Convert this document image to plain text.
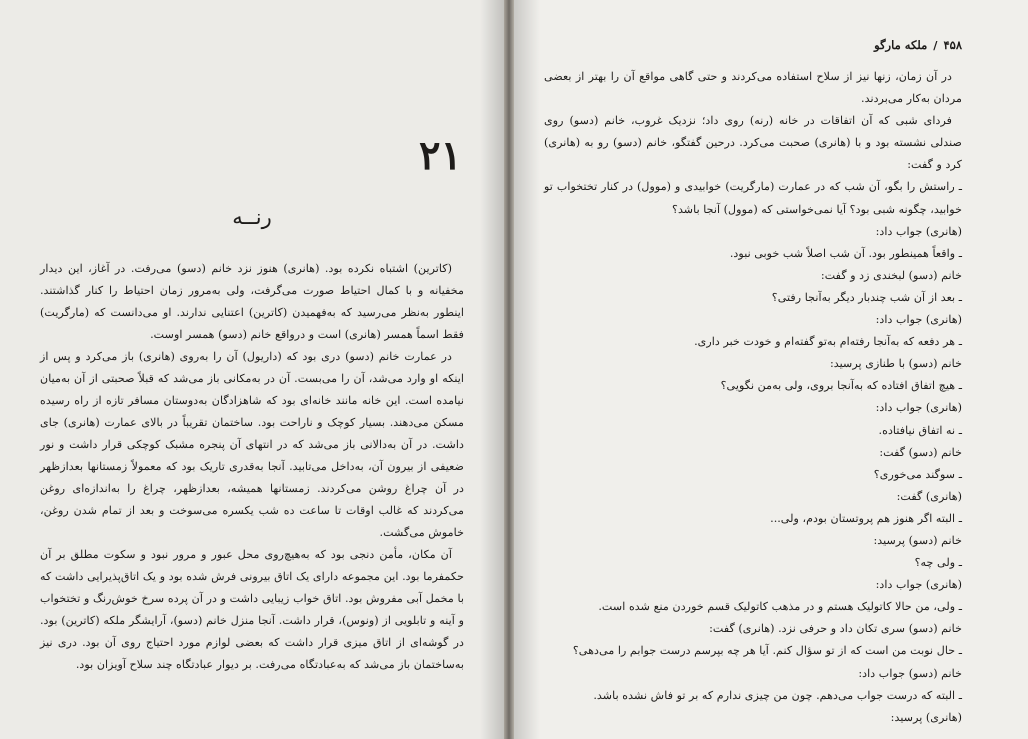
۲۱
رنــه

(کاترین) اشتباه نکرده بود. (هانری) هنوز نزد خانم (دسو) می‌رفت. در آغاز، این دیدار مخفیانه و با کمال احتیاط صورت می‌گرفت، ولی به‌مرور زمان احتیاط را کنار گذاشتند. اینطور به‌نظر می‌رسید که به‌فهمیدن (کاترین) اعتنایی ندارند. او می‌دانست که (مارگریت) فقط اسماً همسر (هانری) است و درواقع خانم (دسو) همسر اوست.

در عمارت خانم (دسو) دری بود که (داریول) آن را به‌روی (هانری) باز می‌کرد و پس از اینکه او وارد می‌شد، آن را می‌بست. آن در به‌مکانی باز می‌شد که قبلاً صحبتی از آن به‌میان نیامده است. این خانه مانند خانه‌ای بود که شاهزادگان به‌دوستان مسافر تازه از راه رسیده مسکن می‌دهند. بسیار کوچک و ناراحت بود. ساختمان تقریباً در بالای عمارت (هانری) جای داشت. در آن به‌دالانی باز می‌شد که در انتهای آن پنجره مشبک کوچکی قرار داشت و نور ضعیفی از بیرون آن، به‌داخل می‌تابید. آنجا به‌قدری تاریک بود که معمولاً زمستانها بعدازظهر در آن چراغ روشن می‌کردند. زمستانها همیشه، بعدازظهر، چراغ را به‌اندازه‌ای روغن می‌کردند که غالب اوقات تا ساعت ده شب یکسره می‌سوخت و بعد از تمام شدن روغن، خاموش می‌گشت.

آن مکان، مأمن دنجی بود که به‌هیچ‌روی محل عبور و مرور نبود و سکوت مطلق بر آن حکمفرما بود. این مجموعه دارای یک اتاق بیرونی فرش شده بود و یک اتاق‌پذیرایی داشت که با مخمل آبی مفروش بود. اتاق خواب زیبایی داشت و در آن پرده سرخ خوش‌رنگ و تختخواب و آینه و تابلویی از (ونوس)، قرار داشت. آنجا منزل خانم (دسو)، آرایشگر ملکه (کاترین) بود. در گوشه‌ای از اتاق میزی قرار داشت که بعضی لوازم مورد احتیاج روی آن بود. دری نیز به‌ساختمان باز می‌شد که به‌عبادتگاه می‌رفت. بر دیوار عبادتگاه چند سلاح آویزان بود.

۴۵۸/ملکه مارگو

در آن زمان، زنها نیز از سلاح استفاده می‌کردند و حتی گاهی مواقع آن را بهتر از بعضی مردان به‌کار می‌بردند.

فردای شبی که آن اتفاقات در خانه (رنه) روی داد؛ نزدیک غروب، خانم (دسو) روی صندلی نشسته بود و با (هانری) صحبت می‌کرد. درحین گفتگو، خانم (دسو) رو به (هانری) کرد و گفت:

ـ راستش را بگو، آن شب که در عمارت (مارگریت) خوابیدی و (موول) در کنار تختخواب تو خوابید، چگونه شبی بود؟ آیا نمی‌خواستی که (موول) آنجا باشد؟

(هانری) جواب داد:

ـ واقعاً همینطور بود. آن شب اصلاً شب خوبی نبود.

خانم (دسو) لبخندی زد و گفت:

ـ بعد از آن شب چندبار دیگر به‌آنجا رفتی؟

(هانری) جواب داد:

ـ هر دفعه که به‌آنجا رفته‌ام به‌تو گفته‌ام و خودت خبر داری.

خانم (دسو) با طنازی پرسید:

ـ هیچ اتفاق افتاده که به‌آنجا بروی، ولی به‌من نگویی؟

(هانری) جواب داد:

ـ نه اتفاق نیافتاده.

خانم (دسو) گفت:

ـ سوگند می‌خوری؟

(هانری) گفت:

ـ البته اگر هنوز هم پروتستان بودم، ولی...

خانم (دسو) پرسید:

ـ ولی چه؟

(هانری) جواب داد:

ـ ولی، من حالا کاتولیک هستم و در مذهب کاتولیک قسم خوردن منع شده است.

خانم (دسو) سری تکان داد و حرفی نزد. (هانری) گفت:

ـ حال نوبت من است که از تو سؤال کنم. آیا هر چه بپرسم درست جوابم را می‌دهی؟

خانم (دسو) جواب داد:

ـ البته که درست جواب می‌دهم. چون من چیزی ندارم که بر تو فاش نشده باشد.

(هانری) پرسید:
